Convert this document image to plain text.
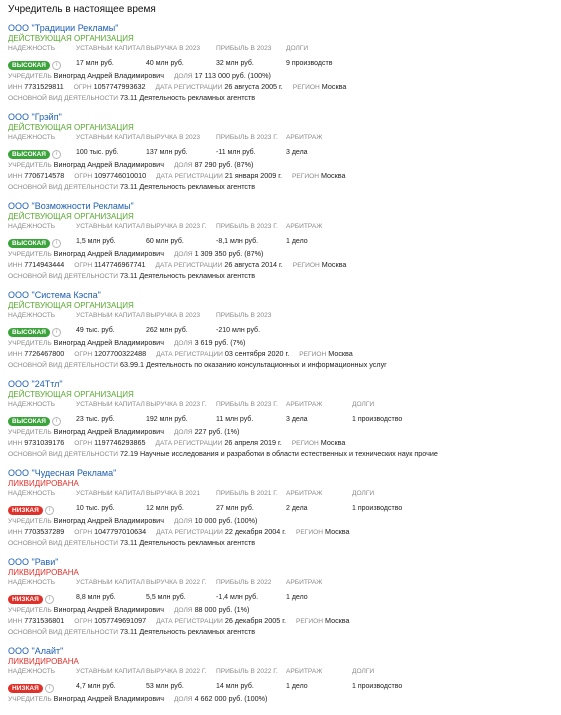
Учредитель в настоящее время
ООО "Традиции Рекламы"
ДЕЙСТВУЮЩАЯ ОРГАНИЗАЦИЯ
НАДЁЖНОСТЬ
ВЫСОКАЯ i
УСТАВНЫЙ КАПИТАЛ
17 млн руб.
ВЫРУЧКА В 2023
40 млн руб.
ПРИБЫЛЬ В 2023
32 млн руб.
ДОЛГИ
9 производств
УЧРЕДИТЕЛЬ Виноград Андрей Владимирович ДОЛЯ 17 113 000 руб. (100%)
ИНН 7731529811 ОГРН 1057747993632 ДАТА РЕГИСТРАЦИИ 26 августа 2005 г. РЕГИОН Москва
ОСНОВНОЙ ВИД ДЕЯТЕЛЬНОСТИ 73.11 Деятельность рекламных агентств
ООО "Грэйп"
ДЕЙСТВУЮЩАЯ ОРГАНИЗАЦИЯ
НАДЁЖНОСТЬ
ВЫСОКАЯ i
УСТАВНЫЙ КАПИТАЛ
100 тыс. руб.
ВЫРУЧКА В 2023
137 млн руб.
ПРИБЫЛЬ В 2023 Г.
-11 млн руб.
АРБИТРАЖ
3 дела
УЧРЕДИТЕЛЬ Виноград Андрей Владимирович ДОЛЯ 87 290 руб. (87%)
ИНН 7706714578 ОГРН 1097746010010 ДАТА РЕГИСТРАЦИИ 21 января 2009 г. РЕГИОН Москва
ОСНОВНОЙ ВИД ДЕЯТЕЛЬНОСТИ 73.11 Деятельность рекламных агентств
ООО "Возможности Рекламы"
ДЕЙСТВУЮЩАЯ ОРГАНИЗАЦИЯ
НАДЁЖНОСТЬ
ВЫСОКАЯ i
УСТАВНЫЙ КАПИТАЛ
1,5 млн руб.
ВЫРУЧКА В 2023 Г.
60 млн руб.
ПРИБЫЛЬ В 2023 Г.
-8,1 млн руб.
АРБИТРАЖ
1 дело
УЧРЕДИТЕЛЬ Виноград Андрей Владимирович ДОЛЯ 1 309 350 руб. (87%)
ИНН 7714943444 ОГРН 1147746967741 ДАТА РЕГИСТРАЦИИ 26 августа 2014 г. РЕГИОН Москва
ОСНОВНОЙ ВИД ДЕЯТЕЛЬНОСТИ 73.11 Деятельность рекламных агентств
ООО "Система Кэспа"
ДЕЙСТВУЮЩАЯ ОРГАНИЗАЦИЯ
НАДЁЖНОСТЬ
ВЫСОКАЯ i
УСТАВНЫЙ КАПИТАЛ
49 тыс. руб.
ВЫРУЧКА В 2023
262 млн руб.
ПРИБЫЛЬ В 2023
-210 млн руб.
УЧРЕДИТЕЛЬ Виноград Андрей Владимирович ДОЛЯ 3 619 руб. (7%)
ИНН 7726467800 ОГРН 1207700322488 ДАТА РЕГИСТРАЦИИ 03 сентября 2020 г. РЕГИОН Москва
ОСНОВНОЙ ВИД ДЕЯТЕЛЬНОСТИ 63.99.1 Деятельность по оказанию консультационных и информационных услуг
ООО "24Ттл"
ДЕЙСТВУЮЩАЯ ОРГАНИЗАЦИЯ
НАДЁЖНОСТЬ
ВЫСОКАЯ i
УСТАВНЫЙ КАПИТАЛ
23 тыс. руб.
ВЫРУЧКА В 2023 Г.
192 млн руб.
ПРИБЫЛЬ В 2023 Г.
11 млн руб.
АРБИТРАЖ
3 дела
ДОЛГИ
1 производство
УЧРЕДИТЕЛЬ Виноград Андрей Владимирович ДОЛЯ 227 руб. (1%)
ИНН 9731039176 ОГРН 1197746293865 ДАТА РЕГИСТРАЦИИ 26 апреля 2019 г. РЕГИОН Москва
ОСНОВНОЙ ВИД ДЕЯТЕЛЬНОСТИ 72.19 Научные исследования и разработки в области естественных и технических наук прочие
ООО "Чудесная Реклама"
ЛИКВИДИРОВАНА
НАДЁЖНОСТЬ
НИЗКАЯ i
УСТАВНЫЙ КАПИТАЛ
10 тыс. руб.
ВЫРУЧКА В 2021
12 млн руб.
ПРИБЫЛЬ В 2021 Г.
27 млн руб.
АРБИТРАЖ
2 дела
ДОЛГИ
1 производство
УЧРЕДИТЕЛЬ Виноград Андрей Владимирович ДОЛЯ 10 000 руб. (100%)
ИНН 7703537289 ОГРН 1047797010634 ДАТА РЕГИСТРАЦИИ 22 декабря 2004 г. РЕГИОН Москва
ОСНОВНОЙ ВИД ДЕЯТЕЛЬНОСТИ 73.11 Деятельность рекламных агентств
ООО "Рави"
ЛИКВИДИРОВАНА
НАДЁЖНОСТЬ
НИЗКАЯ i
УСТАВНЫЙ КАПИТАЛ
8,8 млн руб.
ВЫРУЧКА В 2022 Г.
5,5 млн руб.
ПРИБЫЛЬ В 2022
-1,4 млн руб.
АРБИТРАЖ
1 дело
УЧРЕДИТЕЛЬ Виноград Андрей Владимирович ДОЛЯ 88 000 руб. (1%)
ИНН 7731536801 ОГРН 1057749691097 ДАТА РЕГИСТРАЦИИ 26 декабря 2005 г. РЕГИОН Москва
ОСНОВНОЙ ВИД ДЕЯТЕЛЬНОСТИ 73.11 Деятельность рекламных агентств
ООО "Алайт"
ЛИКВИДИРОВАНА
НАДЁЖНОСТЬ
НИЗКАЯ i
УСТАВНЫЙ КАПИТАЛ
4,7 млн руб.
ВЫРУЧКА В 2022 Г.
53 млн руб.
ПРИБЫЛЬ В 2022 Г.
14 млн руб.
АРБИТРАЖ
1 дело
ДОЛГИ
1 производство
УЧРЕДИТЕЛЬ Виноград Андрей Владимирович ДОЛЯ 4 662 000 руб. (100%)
